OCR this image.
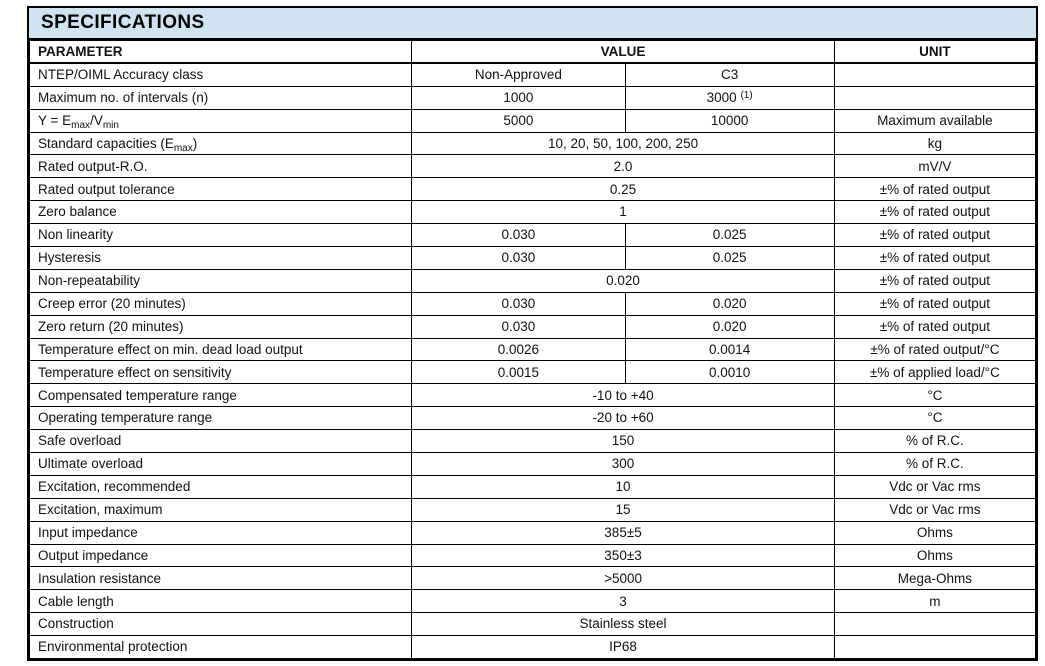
SPECIFICATIONS
PARAMETER	VALUE		UNIT
NTEP/OIML Accuracy class	Non-Approved	C3	
Maximum no. of intervals (n)	1000	3000 $^{(1)}$	
$Y = E_{max}/V_{min}$	5000	10000	Maximum available
Standard capacities $(E_{max})$	10, 20, 50, 100, 200, 250		kg
Rated output-R.O.	2.0		mV/V
Rated output tolerance	0.25		±% of rated output
Zero balance	1		±% of rated output
Non linearity	0.030	0.025	±% of rated output
Hysteresis	0.030	0.025	±% of rated output
Non-repeatability	0.020		±% of rated output
Creep error (20 minutes)	0.030	0.020	±% of rated output
Zero return (20 minutes)	0.030	0.020	±% of rated output
Temperature effect on min. dead load output	0.0026	0.0014	±% of rated output/°C
Temperature effect on sensitivity	0.0015	0.0010	±% of applied load/°C
Compensated temperature range	-10 to +40		°C
Operating temperature range	-20 to +60		°C
Safe overload	150		% of R.C.
Ultimate overload	300		% of R.C.
Excitation, recommended	10		Vdc or Vac rms
Excitation, maximum	15		Vdc or Vac rms
Input impedance	385±5		Ohms
Output impedance	350±3		Ohms
Insulation resistance	>5000		Mega-Ohms
Cable length	3		m
Construction	Stainless steel		
Environmental protection	IP68		
